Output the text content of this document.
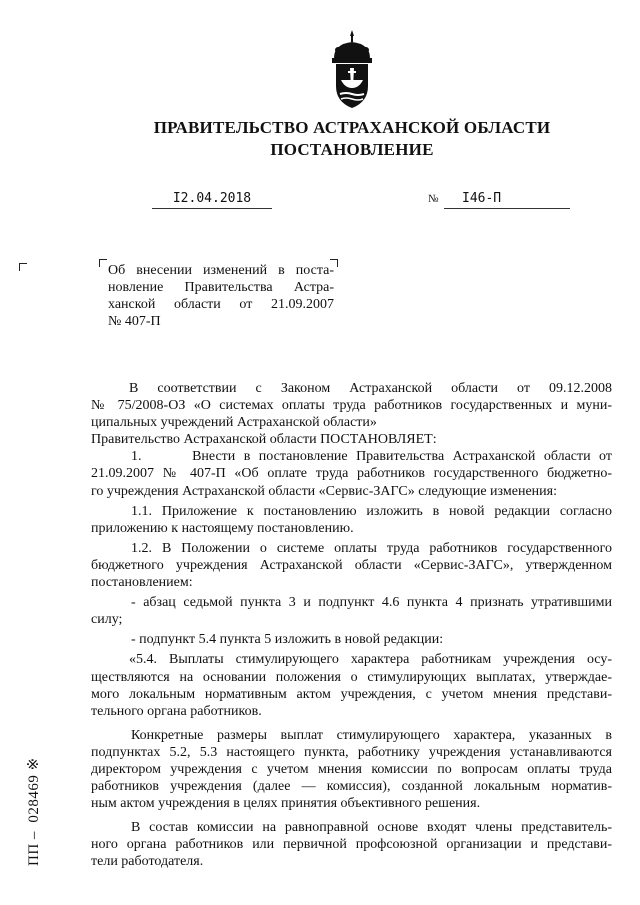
ПРАВИТЕЛЬСТВО АСТРАХАНСКОЙ ОБЛАСТИ
ПОСТАНОВЛЕНИЕ
I2.04.2018	№ I46-П
Об внесении изменений в поста-
новление Правительства Астра-
ханской области от 21.09.2007
№ 407-П
В соответствии с Законом Астраханской области от 09.12.2008
№ 75/2008-ОЗ «О системах оплаты труда работников государственных и муни-
ципальных учреждений Астраханской области»
Правительство Астраханской области ПОСТАНОВЛЯЕТ:
1.      Внести в постановление Правительства Астраханской области от
21.09.2007 № 407-П «Об оплате труда работников государственного бюджетно-
го учреждения Астраханской области «Сервис-ЗАГС» следующие изменения:
1.1. Приложение к постановлению изложить в новой редакции согласно
приложению к настоящему постановлению.
1.2. В Положении о системе оплаты труда работников государственного
бюджетного учреждения Астраханской области «Сервис-ЗАГС», утвержденном
постановлением:
- абзац седьмой пункта 3 и подпункт 4.6 пункта 4 признать утратившими
силу;
- подпункт 5.4 пункта 5 изложить в новой редакции:
«5.4. Выплаты стимулирующего характера работникам учреждения осу-
ществляются на основании положения о стимулирующих выплатах, утверждае-
мого локальным нормативным актом учреждения, с учетом мнения представи-
тельного органа работников.
Конкретные размеры выплат стимулирующего характера, указанных в
подпунктах 5.2, 5.3 настоящего пункта, работнику учреждения устанавливаются
директором учреждения с учетом мнения комиссии по вопросам оплаты труда
работников учреждения (далее — комиссия), созданной локальным норматив-
ным актом учреждения в целях принятия объективного решения.
В состав комиссии на равноправной основе входят члены представитель-
ного органа работников или первичной профсоюзной организации и представи-
тели работодателя.
ПП –  028469 ※
